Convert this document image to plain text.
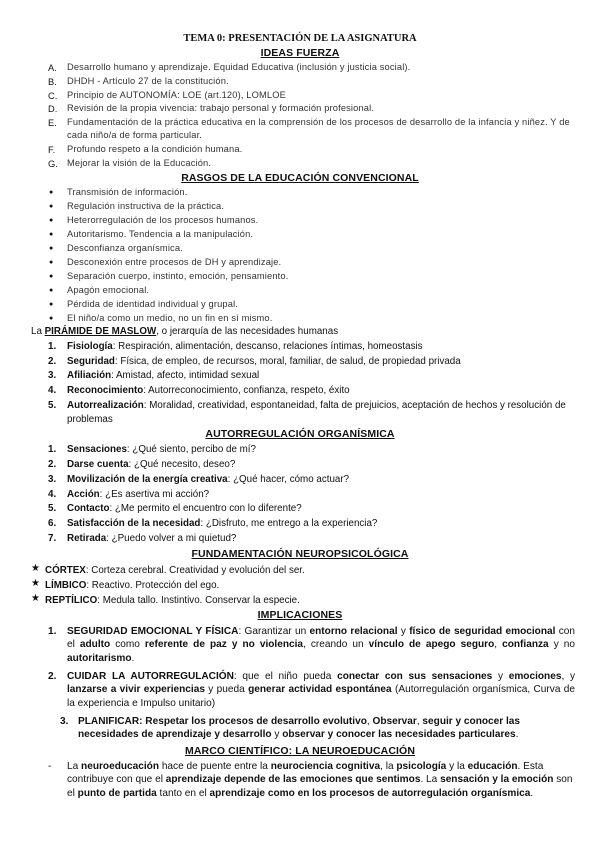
TEMA 0: PRESENTACIÓN DE LA ASIGNATURA
IDEAS FUERZA
A. Desarrollo humano y aprendizaje. Equidad Educativa (inclusión y justicia social).
B. DHDH - Artículo 27 de la constitución.
C. Principio de AUTONOMÍA: LOE (art.120), LOMLOE
D. Revisión de la propia vivencia: trabajo personal y formación profesional.
E. Fundamentación de la práctica educativa en la comprensión de los procesos de desarrollo de la infancia y niñez. Y de cada niño/a de forma particular.
F. Profundo respeto a la condición humana.
G. Mejorar la visión de la Educación.
RASGOS DE LA EDUCACIÓN CONVENCIONAL
● Transmisión de información.
● Regulación instructiva de la práctica.
● Heterorregulación de los procesos humanos.
● Autoritarismo. Tendencia a la manipulación.
● Desconfianza organísmica.
● Desconexión entre procesos de DH y aprendizaje.
● Separación cuerpo, instinto, emoción, pensamiento.
● Apagón emocional.
● Pérdida de identidad individual y grupal.
● El niño/a como un medio, no un fin en sí mismo.
La PIRÁMIDE DE MASLOW, o jerarquía de las necesidades humanas
1. Fisiología: Respiración, alimentación, descanso, relaciones íntimas, homeostasis
2. Seguridad: Física, de empleo, de recursos, moral, familiar, de salud, de propiedad privada
3. Afiliación: Amistad, afecto, intimidad sexual
4. Reconocimiento: Autorreconocimiento, confianza, respeto, éxito
5. Autorrealización: Moralidad, creatividad, espontaneidad, falta de prejuicios, aceptación de hechos y resolución de problemas
AUTORREGULACIÓN ORGANÍSMICA
1. Sensaciones: ¿Qué siento, percibo de mí?
2. Darse cuenta: ¿Qué necesito, deseo?
3. Movilización de la energía creativa: ¿Qué hacer, cómo actuar?
4. Acción: ¿Es asertiva mi acción?
5. Contacto: ¿Me permito el encuentro con lo diferente?
6. Satisfacción de la necesidad: ¿Disfruto, me entrego a la experiencia?
7. Retirada: ¿Puedo volver a mi quietud?
FUNDAMENTACIÓN NEUROPSICOLÓGICA
★ CÓRTEX: Corteza cerebral. Creatividad y evolución del ser.
★ LÍMBICO: Reactivo. Protección del ego.
★ REPTÍLICO: Medula tallo. Instintivo. Conservar la especie.
IMPLICACIONES
1. SEGURIDAD EMOCIONAL Y FÍSICA: Garantizar un entorno relacional y físico de seguridad emocional con el adulto como referente de paz y no violencia, creando un vínculo de apego seguro, confianza y no autoritarismo.
2. CUIDAR LA AUTORREGULACIÓN: que el niño pueda conectar con sus sensaciones y emociones, y lanzarse a vivir experiencias y pueda generar actividad espontánea (Autorregulación organísmica, Curva de la experiencia e Impulso unitario)
3. PLANIFICAR: Respetar los procesos de desarrollo evolutivo, Observar, seguir y conocer las necesidades de aprendizaje y desarrollo y observar y conocer las necesidades particulares.
MARCO CIENTÍFICO: LA NEUROEDUCACIÓN
- La neuroeducación hace de puente entre la neurociencia cognitiva, la psicología y la educación. Esta contribuye con que el aprendizaje depende de las emociones que sentimos. La sensación y la emoción son el punto de partida tanto en el aprendizaje como en los procesos de autorregulación organísmica.
